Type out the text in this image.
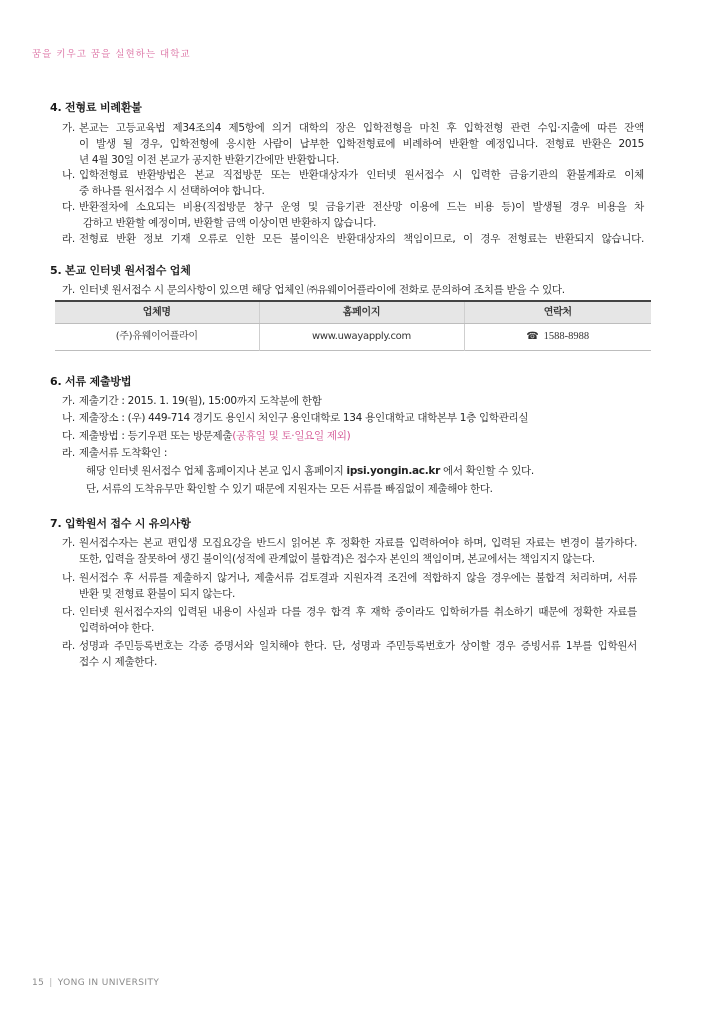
꿈을 키우고 꿈을 실현하는 대학교
4. 전형료 비례환불
가. 본교는 고등교육법 제34조의4 제5항에 의거 대학의 장은 입학전형을 마친 후 입학전형 관련 수입·지출에 따른 잔액
이 발생 될 경우, 입학전형에 응시한 사람이 납부한 입학전형료에 비례하여 반환할 예정입니다. 전형료 반환은 2015
년 4월 30일 이전 본교가 공지한 반환기간에만 반환합니다.
나. 입학전형료 반환방법은 본교 직접방문 또는 반환대상자가 인터넷 원서접수 시 입력한 금융기관의 환불계좌로 이체
중 하나를 원서접수 시 선택하여야 합니다.
다. 반환절차에 소요되는 비용(직접방문 창구 운영 및 금융기관 전산망 이용에 드는 비용 등)이 발생될 경우 비용을 차
감하고 반환할 예정이며, 반환할 금액 이상이면 반환하지 않습니다.
라. 전형료 반환 정보 기재 오류로 인한 모든 불이익은 반환대상자의 책임이므로, 이 경우 전형료는 반환되지 않습니다.
5. 본교 인터넷 원서접수 업체
가. 인터넷 원서접수 시 문의사항이 있으면 해당 업체인 ㈜유웨이어플라이에 전화로 문의하여 조치를 받을 수 있다.
업체명	홈페이지	연락처
(주)유웨이어플라이	www.uwayapply.com	☎1588-8988
6. 서류 제출방법
가. 제출기간 : 2015. 1. 19(월), 15:00까지 도착분에 한함
나. 제출장소 : (우) 449-714 경기도 용인시 처인구 용인대학로 134 용인대학교 대학본부 1층 입학관리실
다. 제출방법 : 등기우편 또는 방문제출(공휴일 및 토·일요일 제외)
라. 제출서류 도착확인 :
해당 인터넷 원서접수 업체 홈페이지나 본교 입시 홈페이지 ipsi.yongin.ac.kr 에서 확인할 수 있다.
단, 서류의 도착유무만 확인할 수 있기 때문에 지원자는 모든 서류를 빠짐없이 제출해야 한다.
7. 입학원서 접수 시 유의사항
가. 원서접수자는 본교 편입생 모집요강을 반드시 읽어본 후 정확한 자료를 입력하여야 하며, 입력된 자료는 변경이 불가하다.
또한, 입력을 잘못하여 생긴 불이익(성적에 관계없이 불합격)은 접수자 본인의 책임이며, 본교에서는 책임지지 않는다.
나. 원서접수 후 서류를 제출하지 않거나, 제출서류 검토결과 지원자격 조건에 적합하지 않을 경우에는 불합격 처리하며, 서류
반환 및 전형료 환불이 되지 않는다.
다. 인터넷 원서접수자의 입력된 내용이 사실과 다를 경우 합격 후 재학 중이라도 입학허가를 취소하기 때문에 정확한 자료를
입력하여야 한다.
라. 성명과 주민등록번호는 각종 증명서와 일치해야 한다. 단, 성명과 주민등록번호가 상이할 경우 증빙서류 1부를 입학원서
접수 시 제출한다.
15 | YONG IN UNIVERSITY
